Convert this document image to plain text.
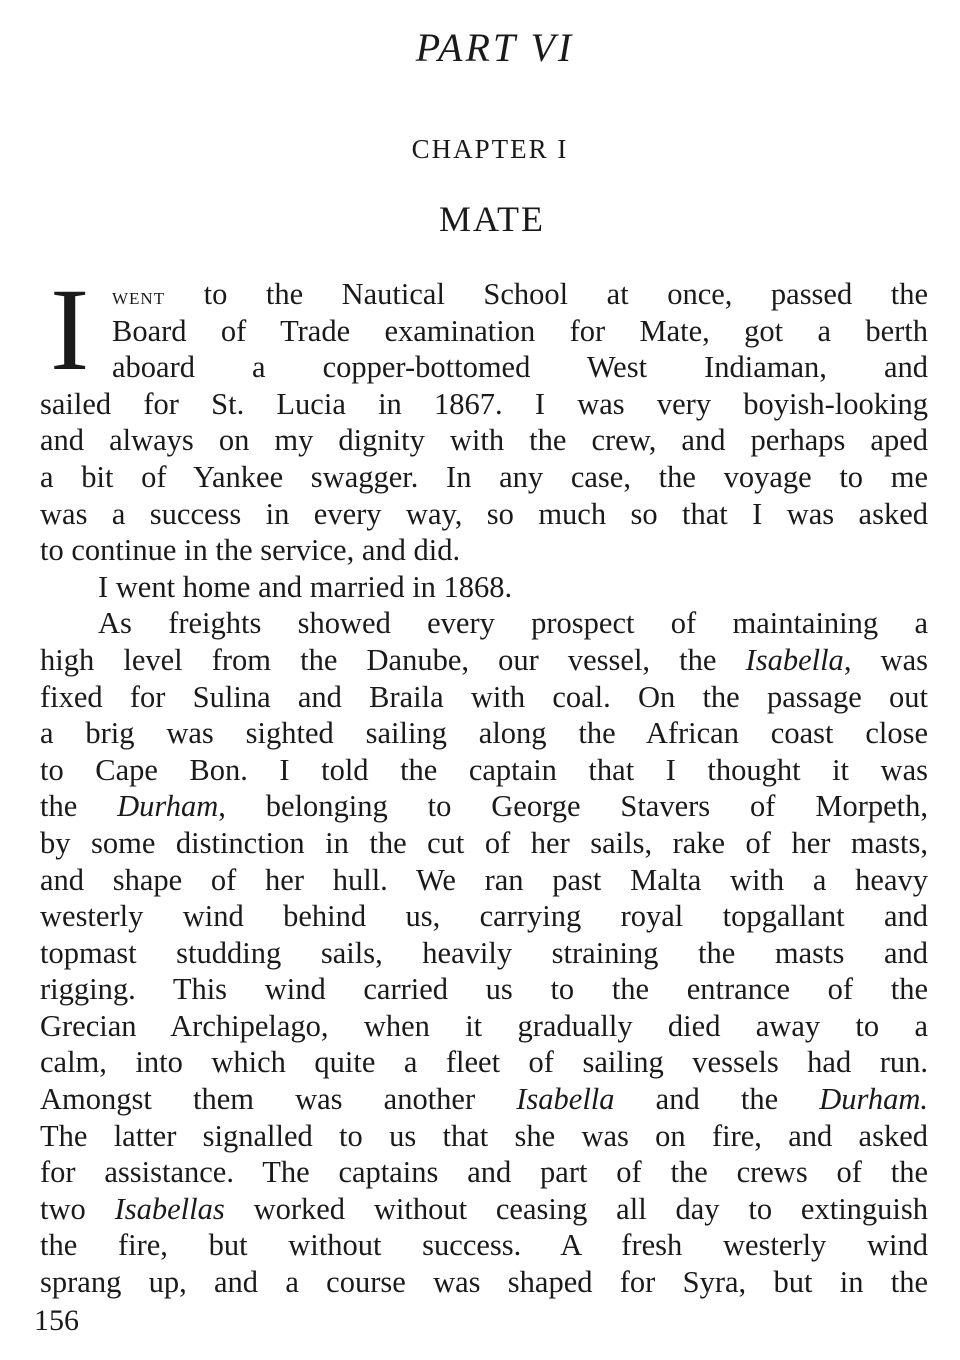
PART VI
CHAPTER I
MATE
I went to the Nautical School at once, passed the
Board of Trade examination for Mate, got a berth
aboard a copper-bottomed West Indiaman, and
sailed for St. Lucia in 1867. I was very boyish-looking
and always on my dignity with the crew, and perhaps aped
a bit of Yankee swagger. In any case, the voyage to me
was a success in every way, so much so that I was asked
to continue in the service, and did.
I went home and married in 1868.
As freights showed every prospect of maintaining a
high level from the Danube, our vessel, the Isabella, was
fixed for Sulina and Braila with coal. On the passage out
a brig was sighted sailing along the African coast close
to Cape Bon. I told the captain that I thought it was
the Durham, belonging to George Stavers of Morpeth,
by some distinction in the cut of her sails, rake of her masts,
and shape of her hull. We ran past Malta with a heavy
westerly wind behind us, carrying royal topgallant and
topmast studding sails, heavily straining the masts and
rigging. This wind carried us to the entrance of the
Grecian Archipelago, when it gradually died away to a
calm, into which quite a fleet of sailing vessels had run.
Amongst them was another Isabella and the Durham.
The latter signalled to us that she was on fire, and asked
for assistance. The captains and part of the crews of the
two Isabellas worked without ceasing all day to extinguish
the fire, but without success. A fresh westerly wind
sprang up, and a course was shaped for Syra, but in the

156
